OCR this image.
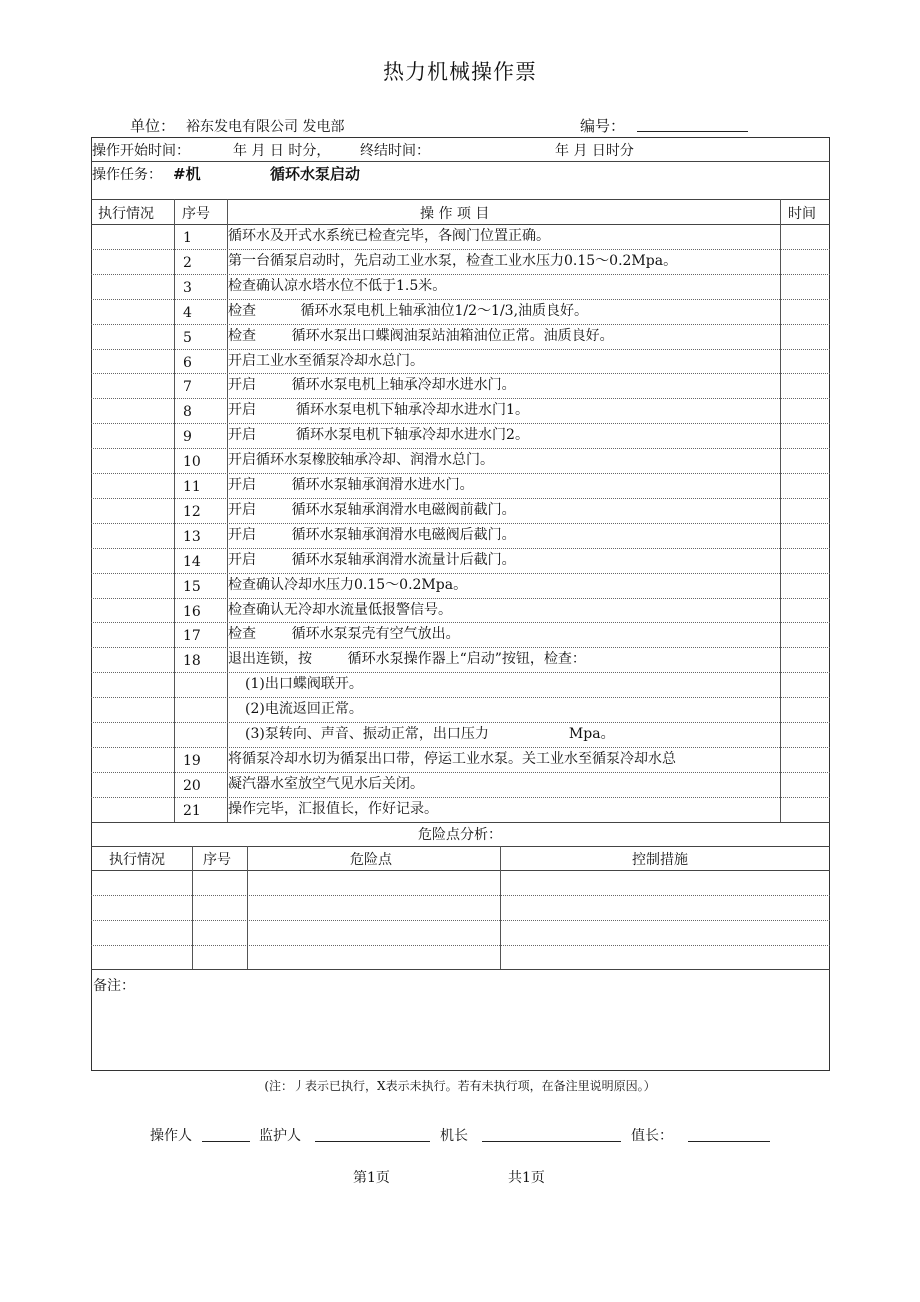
热力机械操作票
单位： 裕东发电有限公司 发电部	编号：
操作开始时间：	年 月 日 时分， 终结时间：	年 月 日时分
操作任务： #机	循环水泵启动
执行情况 序号	操 作 项 目	时间
1	循环水及开式水系统已检查完毕，各阀门位置正确。
2	第一台循泵启动时，先启动工业水泵，检查工业水压力0.15～0.2Mpa。
3	检查确认凉水塔水位不低于1.5米。
4	检查          循环水泵电机上轴承油位1/2～1/3,油质良好。
5	检查        循环水泵出口蝶阀油泵站油箱油位正常。油质良好。
6	开启工业水至循泵冷却水总门。
7	开启        循环水泵电机上轴承冷却水进水门。
8	开启         循环水泵电机下轴承冷却水进水门1。
9	开启         循环水泵电机下轴承冷却水进水门2。
10 开启循环水泵橡胶轴承冷却、润滑水总门。
11 开启        循环水泵轴承润滑水进水门。
12 开启        循环水泵轴承润滑水电磁阀前截门。
13 开启        循环水泵轴承润滑水电磁阀后截门。
14 开启        循环水泵轴承润滑水流量计后截门。
15 检查确认冷却水压力0.15～0.2Mpa。
16 检查确认无冷却水流量低报警信号。
17 检查        循环水泵泵壳有空气放出。
18 退出连锁，按        循环水泵操作器上“启动”按钮，检查：
(1)出口蝶阀联开。
(2)电流返回正常。
(3)泵转向、声音、振动正常，出口压力                  Mpa。
19 将循泵冷却水切为循泵出口带，停运工业水泵。关工业水至循泵冷却水总
20 凝汽器水室放空气见水后关闭。
21 操作完毕，汇报值长，作好记录。
危险点分析：
执行情况	序号	危险点	控制措施
备注：
(注：丿表示已执行，X表示未执行。若有未执行项，在备注里说明原因。）
操作人	监护人	机长	值长：
第1页	共1页
